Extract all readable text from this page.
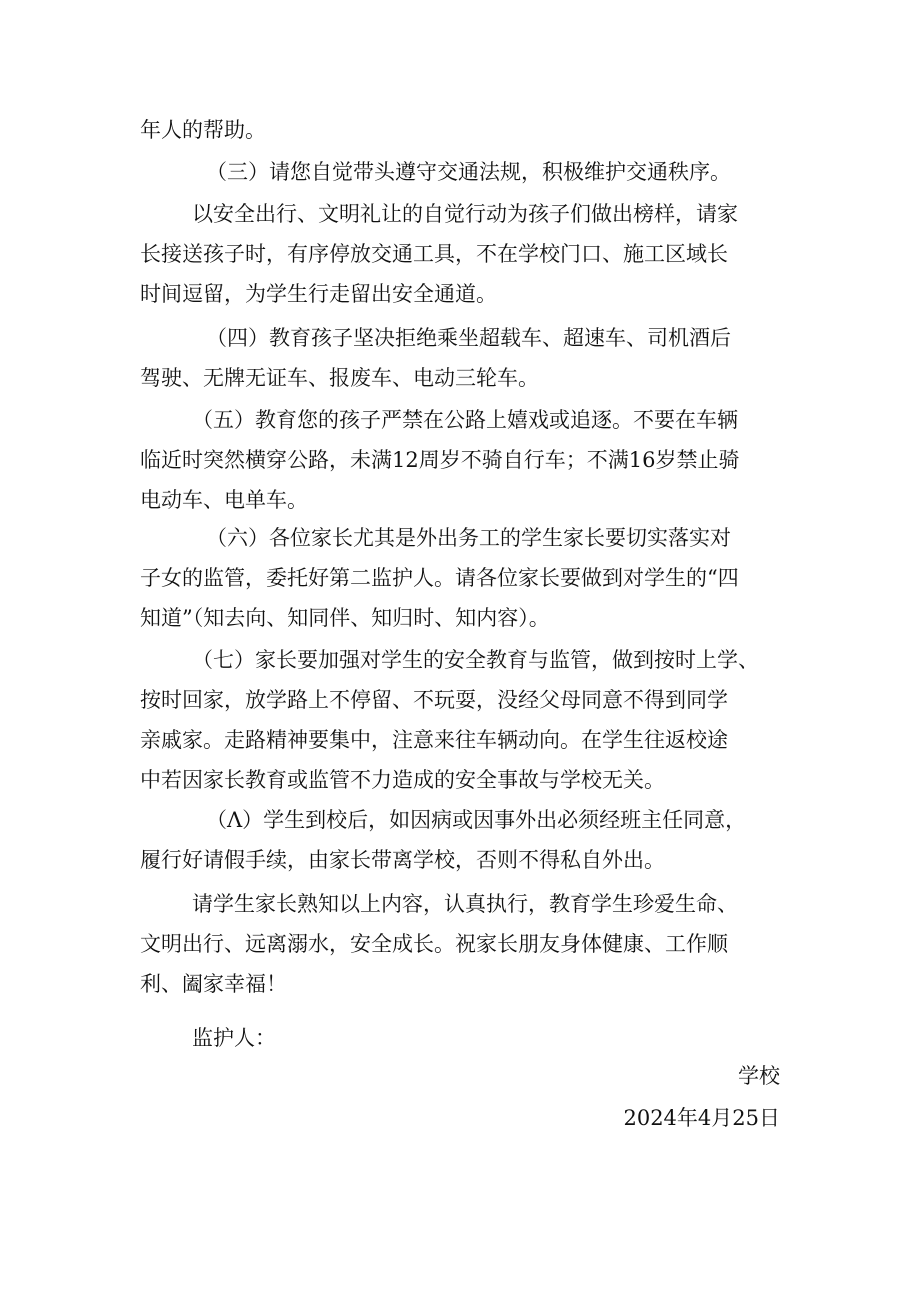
年人的帮助。
（三）请您自觉带头遵守交通法规，积极维护交通秩序。
以安全出行、文明礼让的自觉行动为孩子们做出榜样，请家
长接送孩子时，有序停放交通工具，不在学校门口、施工区域长
时间逗留，为学生行走留出安全通道。
（四）教育孩子坚决拒绝乘坐超载车、超速车、司机酒后
驾驶、无牌无证车、报废车、电动三轮车。
（五）教育您的孩子严禁在公路上嬉戏或追逐。不要在车辆
临近时突然横穿公路，未满12周岁不骑自行车；不满16岁禁止骑
电动车、电单车。
（六）各位家长尤其是外出务工的学生家长要切实落实对
子女的监管，委托好第二监护人。请各位家长要做到对学生的“四
知道”（知去向、知同伴、知归时、知内容）。
（七）家长要加强对学生的安全教育与监管，做到按时上学、
按时回家，放学路上不停留、不玩耍，没经父母同意不得到同学
亲戚家。走路精神要集中，注意来往车辆动向。在学生往返校途
中若因家长教育或监管不力造成的安全事故与学校无关。
（Λ）学生到校后，如因病或因事外出必须经班主任同意，
履行好请假手续，由家长带离学校，否则不得私自外出。
请学生家长熟知以上内容，认真执行，教育学生珍爱生命、
文明出行、远离溺水，安全成长。祝家长朋友身体健康、工作顺
利、阖家幸福！
监护人：
学校
2024年4月25日
